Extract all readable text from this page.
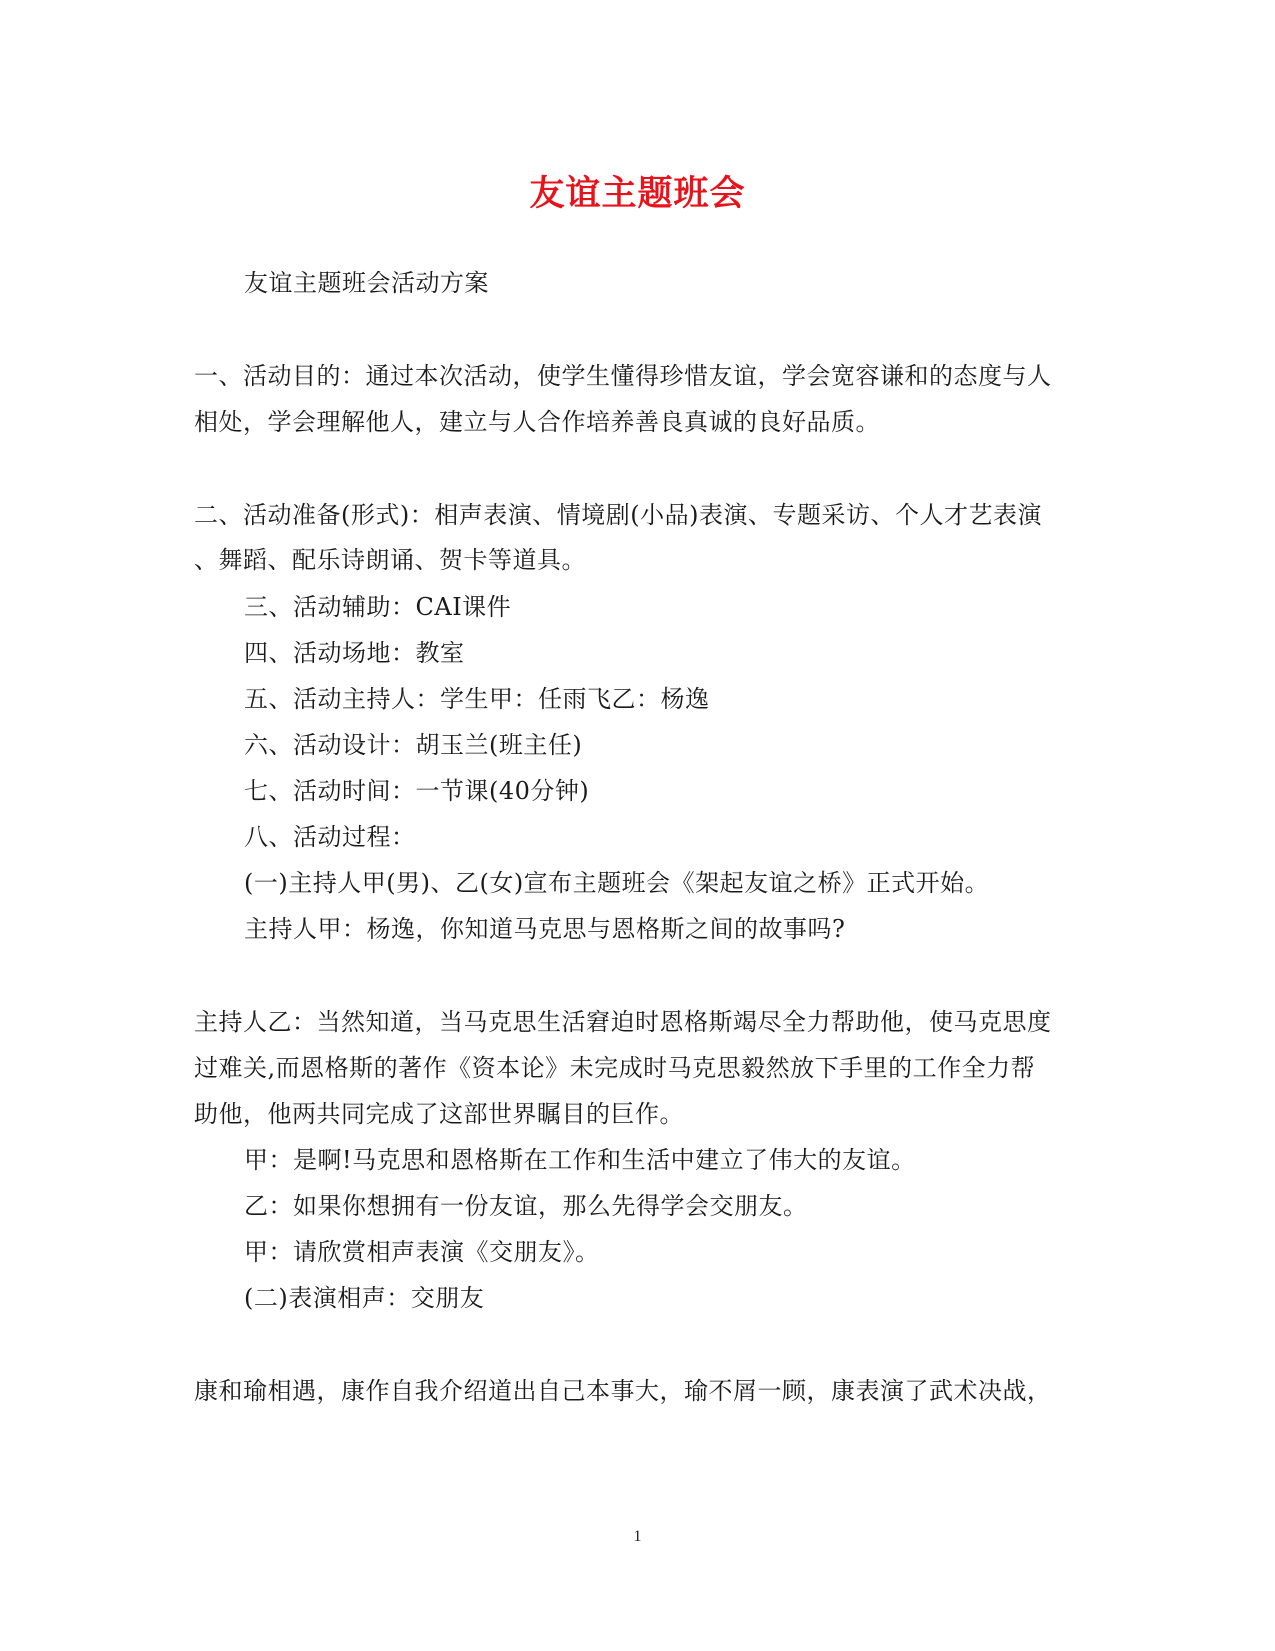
友谊主题班会
友谊主题班会活动方案
一、活动目的：通过本次活动，使学生懂得珍惜友谊，学会宽容谦和的态度与人
相处，学会理解他人，建立与人合作培养善良真诚的良好品质。
二、活动准备(形式)：相声表演、情境剧(小品)表演、专题采访、个人才艺表演
、舞蹈、配乐诗朗诵、贺卡等道具。
三、活动辅助：CAI课件
四、活动场地：教室
五、活动主持人：学生甲：任雨飞乙：杨逸
六、活动设计：胡玉兰(班主任)
七、活动时间：一节课(40分钟)
八、活动过程：
(一)主持人甲(男)、乙(女)宣布主题班会《架起友谊之桥》正式开始。
主持人甲：杨逸，你知道马克思与恩格斯之间的故事吗?
主持人乙：当然知道，当马克思生活窘迫时恩格斯竭尽全力帮助他，使马克思度
过难关,而恩格斯的著作《资本论》未完成时马克思毅然放下手里的工作全力帮
助他，他两共同完成了这部世界瞩目的巨作。
甲：是啊!马克思和恩格斯在工作和生活中建立了伟大的友谊。
乙：如果你想拥有一份友谊，那么先得学会交朋友。
甲：请欣赏相声表演《交朋友》。
(二)表演相声：交朋友
康和瑜相遇，康作自我介绍道出自己本事大，瑜不屑一顾，康表演了武术决战，
1
